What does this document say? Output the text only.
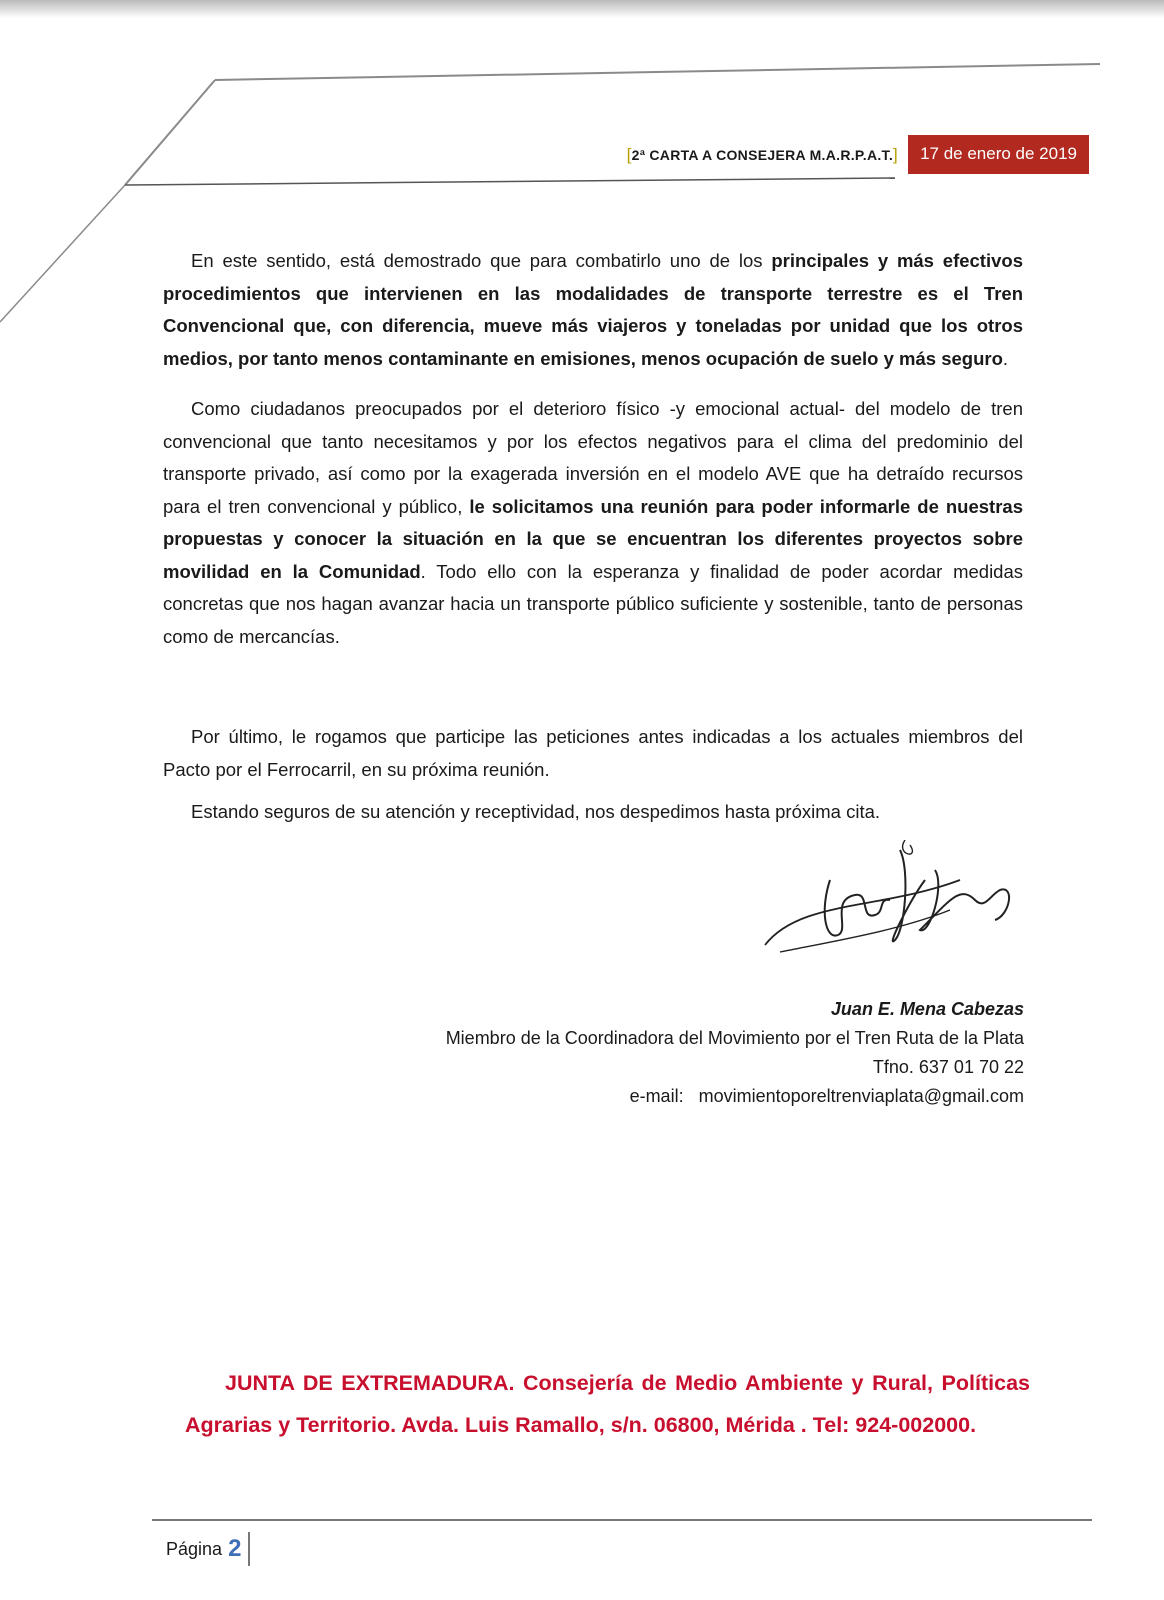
[2ª CARTA A CONSEJERA M.A.R.P.A.T.]	17 de enero de 2019

En este sentido, está demostrado que para combatirlo uno de los principales y más efectivos procedimientos que intervienen en las modalidades de transporte terrestre es el Tren Convencional que, con diferencia, mueve más viajeros y toneladas por unidad que los otros medios, por tanto menos contaminante en emisiones, menos ocupación de suelo y más seguro.

Como ciudadanos preocupados por el deterioro físico -y emocional actual- del modelo de tren convencional que tanto necesitamos y por los efectos negativos para el clima del predominio del transporte privado, así como por la exagerada inversión en el modelo AVE que ha detraído recursos para el tren convencional y público, le solicitamos una reunión para poder informarle de nuestras propuestas y conocer la situación en la que se encuentran los diferentes proyectos sobre movilidad en la Comunidad. Todo ello con la esperanza y finalidad de poder acordar medidas concretas que nos hagan avanzar hacia un transporte público suficiente y sostenible, tanto de personas como de mercancías.

Por último, le rogamos que participe las peticiones antes indicadas a los actuales miembros del Pacto por el Ferrocarril, en su próxima reunión.

Estando seguros de su atención y receptividad, nos despedimos hasta próxima cita.

Juan E. Mena Cabezas
Miembro de la Coordinadora del Movimiento por el Tren Ruta de la Plata
Tfno. 637 01 70 22
e-mail: movimientoporeltrenviaplata@gmail.com
JUNTA DE EXTREMADURA. Consejería de Medio Ambiente y Rural, Políticas Agrarias y Territorio. Avda. Luis Ramallo, s/n. 06800, Mérida . Tel: 924-002000.
Página 2
